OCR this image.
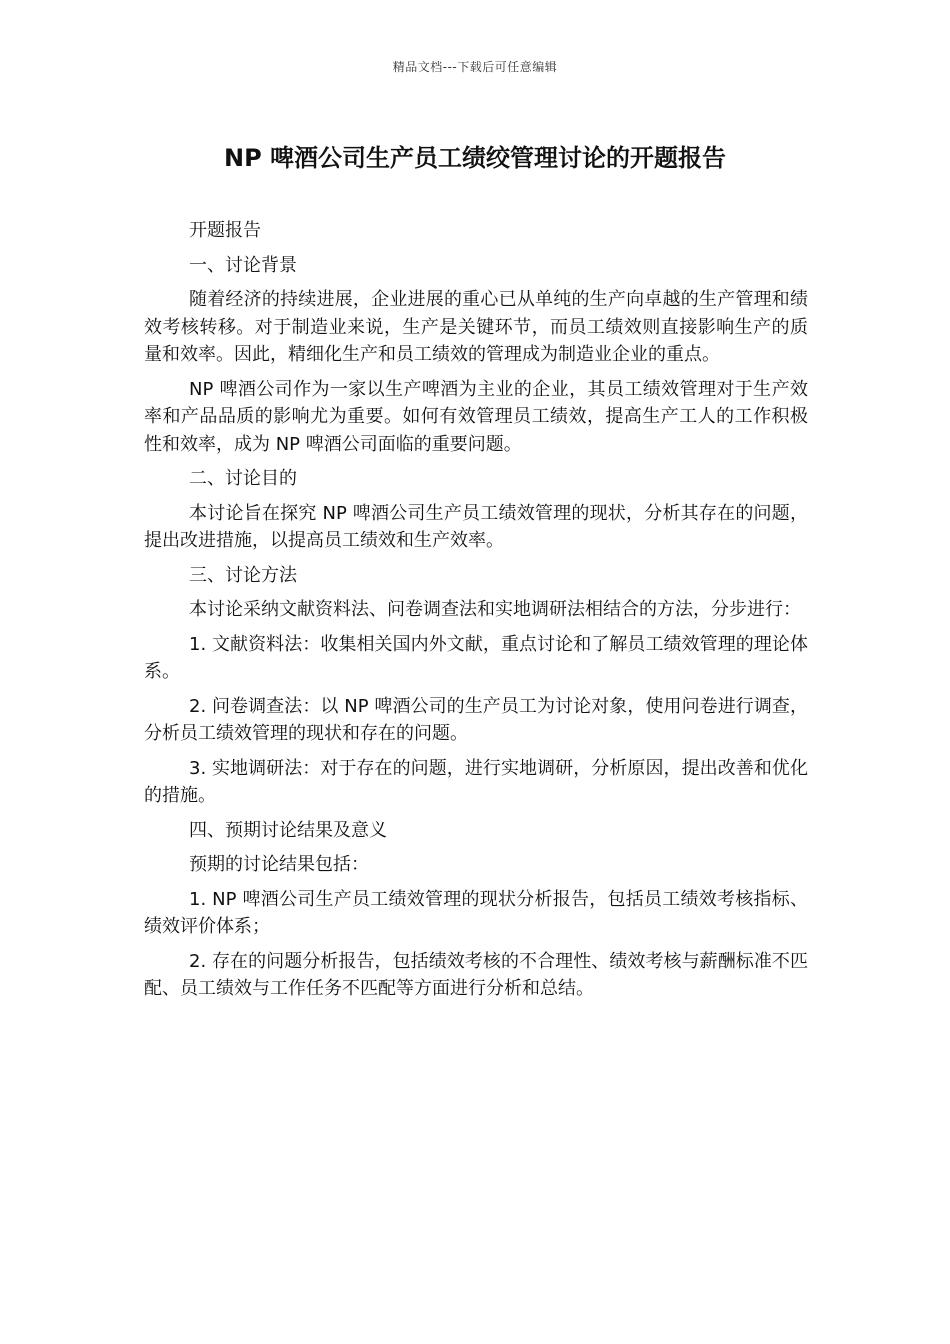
精品文档---下载后可任意编辑
NP 啤酒公司生产员工绩绞管理讨论的开题报告

开题报告

一、讨论背景

随着经济的持续进展，企业进展的重心已从单纯的生产向卓越的生产管理和绩效考核转移。对于制造业来说，生产是关键环节，而员工绩效则直接影响生产的质量和效率。因此，精细化生产和员工绩效的管理成为制造业企业的重点。

NP 啤酒公司作为一家以生产啤酒为主业的企业，其员工绩效管理对于生产效率和产品品质的影响尤为重要。如何有效管理员工绩效，提高生产工人的工作积极性和效率，成为 NP 啤酒公司面临的重要问题。

二、讨论目的

本讨论旨在探究 NP 啤酒公司生产员工绩效管理的现状，分析其存在的问题，提出改进措施，以提高员工绩效和生产效率。

三、讨论方法

本讨论采纳文献资料法、问卷调查法和实地调研法相结合的方法，分步进行：

1. 文献资料法：收集相关国内外文献，重点讨论和了解员工绩效管理的理论体系。

2. 问卷调查法：以 NP 啤酒公司的生产员工为讨论对象，使用问卷进行调查，分析员工绩效管理的现状和存在的问题。

3. 实地调研法：对于存在的问题，进行实地调研，分析原因，提出改善和优化的措施。

四、预期讨论结果及意义

预期的讨论结果包括：

1. NP 啤酒公司生产员工绩效管理的现状分析报告，包括员工绩效考核指标、绩效评价体系；

2. 存在的问题分析报告，包括绩效考核的不合理性、绩效考核与薪酬标准不匹配、员工绩效与工作任务不匹配等方面进行分析和总结。
